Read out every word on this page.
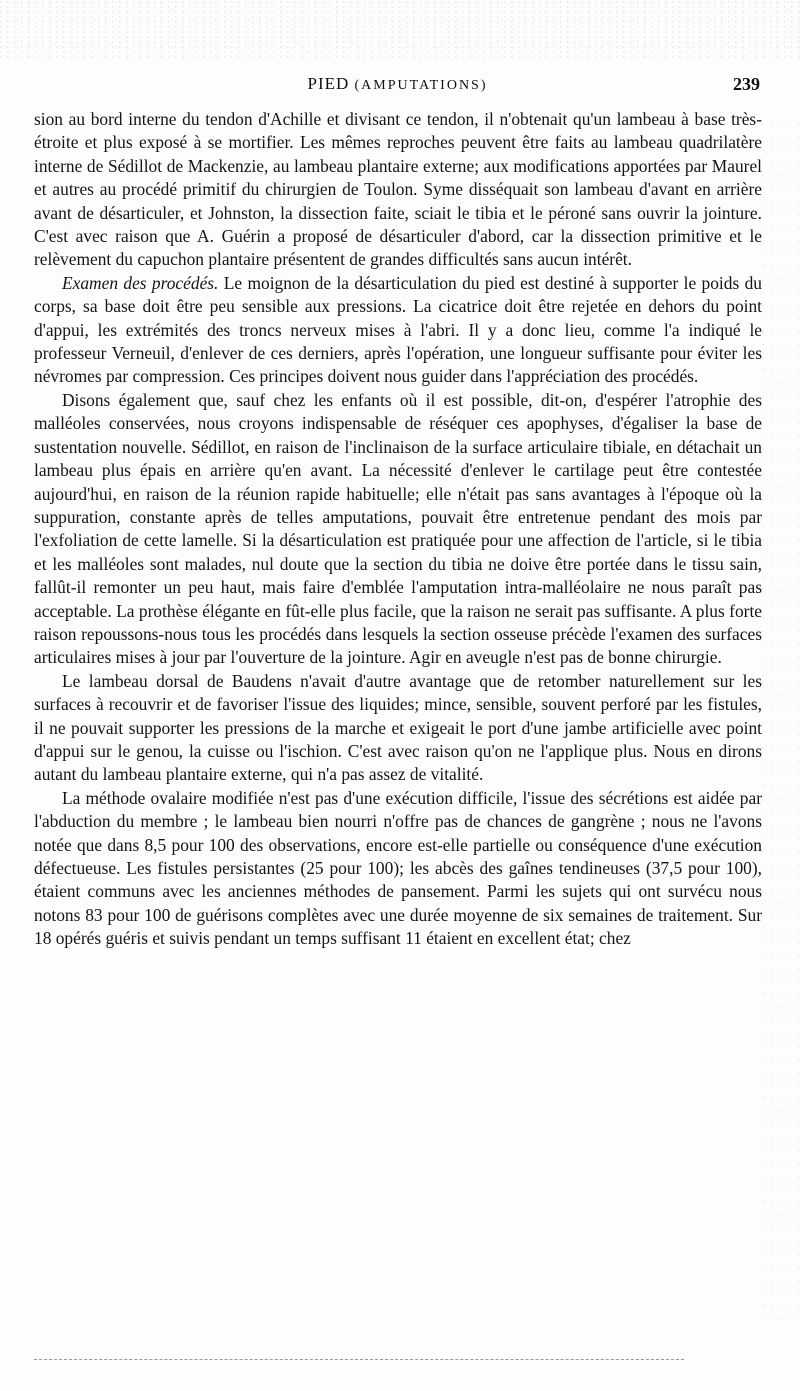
PIED (AMPUTATIONS)	239

sion au bord interne du tendon d'Achille et divisant ce tendon, il n'obtenait qu'un lambeau à base très-étroite et plus exposé à se mortifier. Les mêmes reproches peuvent être faits au lambeau quadrilatère interne de Sédillot de Mackenzie, au lambeau plantaire externe; aux modifications apportées par Maurel et autres au procédé primitif du chirurgien de Toulon. Syme disséquait son lambeau d'avant en arrière avant de désarticuler, et Johnston, la dissection faite, sciait le tibia et le péroné sans ouvrir la jointure. C'est avec raison que A. Guérin a proposé de désarticuler d'abord, car la dissection primitive et le relèvement du capuchon plantaire présentent de grandes difficultés sans aucun intérêt.

Examen des procédés. Le moignon de la désarticulation du pied est destiné à supporter le poids du corps, sa base doit être peu sensible aux pressions. La cicatrice doit être rejetée en dehors du point d'appui, les extrémités des troncs nerveux mises à l'abri. Il y a donc lieu, comme l'a indiqué le professeur Verneuil, d'enlever de ces derniers, après l'opération, une longueur suffisante pour éviter les névromes par compression. Ces principes doivent nous guider dans l'appréciation des procédés.

Disons également que, sauf chez les enfants où il est possible, dit-on, d'espérer l'atrophie des malléoles conservées, nous croyons indispensable de réséquer ces apophyses, d'égaliser la base de sustentation nouvelle. Sédillot, en raison de l'inclinaison de la surface articulaire tibiale, en détachait un lambeau plus épais en arrière qu'en avant. La nécessité d'enlever le cartilage peut être contestée aujourd'hui, en raison de la réunion rapide habituelle; elle n'était pas sans avantages à l'époque où la suppuration, constante après de telles amputations, pouvait être entretenue pendant des mois par l'exfoliation de cette lamelle. Si la désarticulation est pratiquée pour une affection de l'article, si le tibia et les malléoles sont malades, nul doute que la section du tibia ne doive être portée dans le tissu sain, fallût-il remonter un peu haut, mais faire d'emblée l'amputation intra-malléolaire ne nous paraît pas acceptable. La prothèse élégante en fût-elle plus facile, que la raison ne serait pas suffisante. A plus forte raison repoussons-nous tous les procédés dans lesquels la section osseuse précède l'examen des surfaces articulaires mises à jour par l'ouverture de la jointure. Agir en aveugle n'est pas de bonne chirurgie.

Le lambeau dorsal de Baudens n'avait d'autre avantage que de retomber naturellement sur les surfaces à recouvrir et de favoriser l'issue des liquides; mince, sensible, souvent perforé par les fistules, il ne pouvait supporter les pressions de la marche et exigeait le port d'une jambe artificielle avec point d'appui sur le genou, la cuisse ou l'ischion. C'est avec raison qu'on ne l'applique plus. Nous en dirons autant du lambeau plantaire externe, qui n'a pas assez de vitalité.

La méthode ovalaire modifiée n'est pas d'une exécution difficile, l'issue des sécrétions est aidée par l'abduction du membre ; le lambeau bien nourri n'offre pas de chances de gangrène ; nous ne l'avons notée que dans 8,5 pour 100 des observations, encore est-elle partielle ou conséquence d'une exécution défectueuse. Les fistules persistantes (25 pour 100); les abcès des gaînes tendineuses (37,5 pour 100), étaient communs avec les anciennes méthodes de pansement. Parmi les sujets qui ont survécu nous notons 83 pour 100 de guérisons complètes avec une durée moyenne de six semaines de traitement. Sur 18 opérés guéris et suivis pendant un temps suffisant 11 étaient en excellent état; chez
